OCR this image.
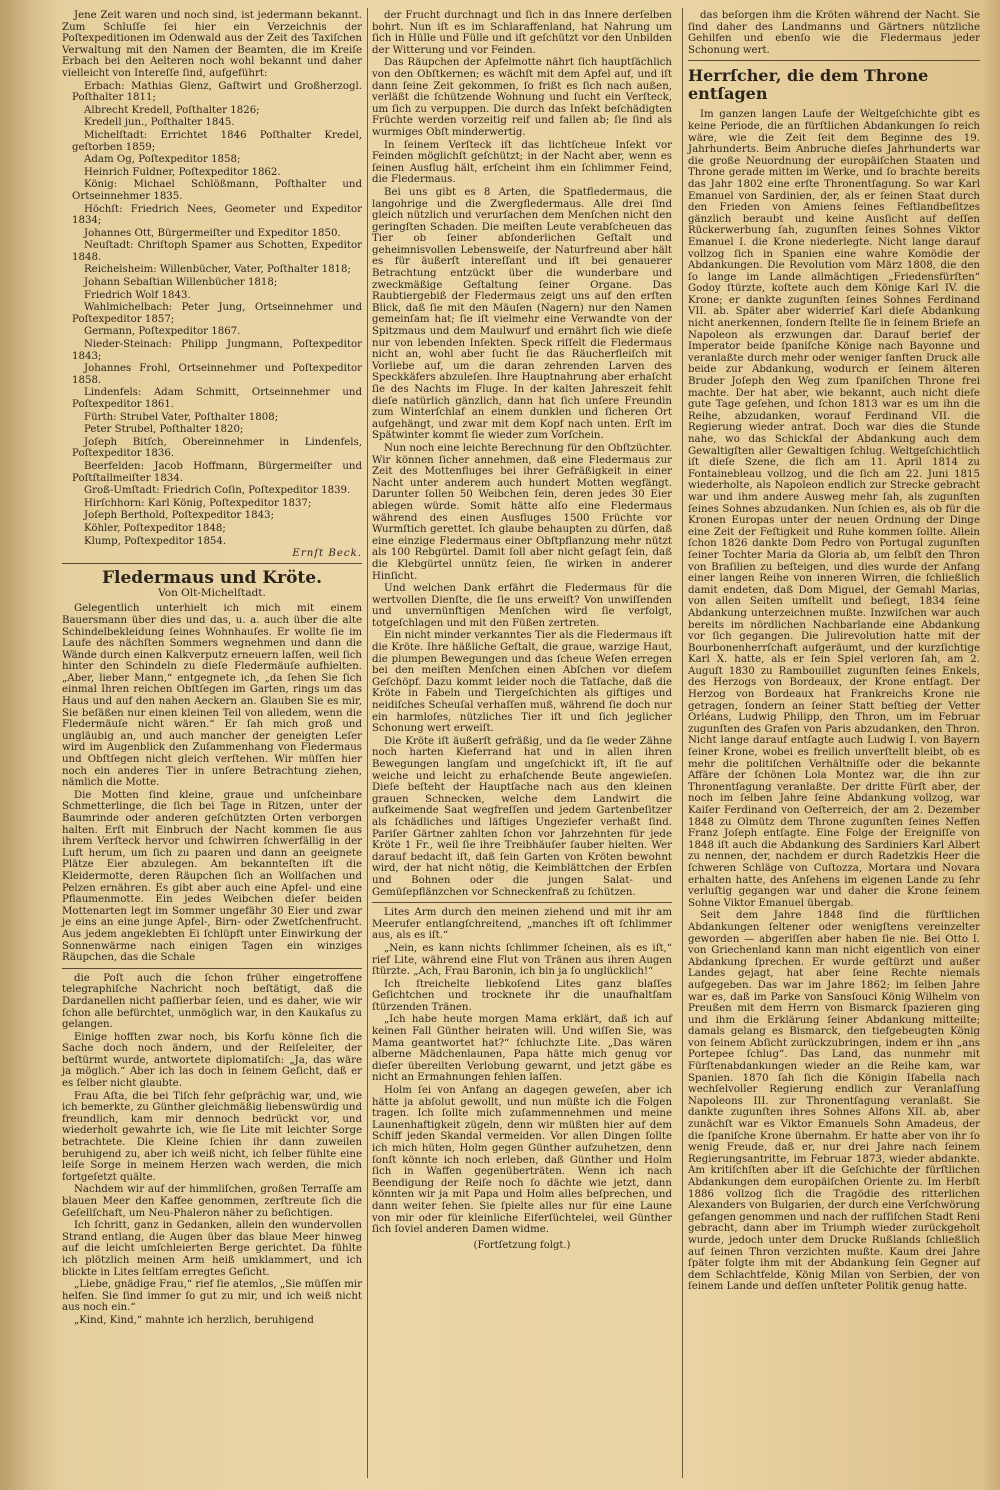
Jene Zeit waren und noch sind, ist jedermann bekannt. Zum Schluſſe ſei hier ein Verzeichnis der Poſtexpeditionen im Odenwald aus der Zeit des Taxiſchen Verwaltung mit den Namen der Beamten, die im Kreiſe Erbach bei den Aelteren noch wohl bekannt und daher vielleicht von Intereſſe ſind, aufgeführt:

Erbach: Mathias Glenz, Gaſtwirt und Großherzogl. Poſthalter 1811;

Albrecht Kredell, Poſthalter 1826;

Kredell jun., Poſthalter 1845.

Michelſtadt: Errichtet 1846 Poſthalter Kredel, geſtorben 1859;

Adam Og, Poſtexpeditor 1858;

Heinrich Fuldner, Poſtexpeditor 1862.

König: Michael Schlößmann, Poſthalter und Ortseinnehmer 1835.

Höchſt: Friedrich Nees, Geometer und Expeditor 1834;

Johannes Ott, Bürgermeiſter und Expeditor 1850.

Neuſtadt: Chriſtoph Spamer aus Schotten, Expeditor 1848.

Reichelsheim: Willenbücher, Vater, Poſthalter 1818;

Johann Sebaſtian Willenbücher 1818;

Friedrich Wolf 1843.

Wahlmichelbach: Peter Jung, Ortseinnehmer und Poſtexpeditor 1857;

Germann, Poſtexpeditor 1867.

Nieder-Steinach: Philipp Jungmann, Poſtexpeditor 1843;

Johannes Frohl, Ortseinnehmer und Poſtexpeditor 1858.

Lindenfels: Adam Schmitt, Ortseinnehmer und Poſtexpeditor 1861.

Fürth: Strubel Vater, Poſthalter 1808;

Peter Strubel, Poſthalter 1820;

Joſeph Bitſch, Obereinnehmer in Lindenfels, Poſtexpeditor 1836.

Beerfelden: Jacob Hoffmann, Bürgermeiſter und Poſtſtallmeiſter 1834.

Groß-Umſtadt: Friedrich Coſin, Poſtexpeditor 1839.

Hirſchhorn: Karl König, Poſtexpeditor 1837;

Joſeph Berthold, Poſtexpeditor 1843;

Köhler, Poſtexpeditor 1848;

Klump, Poſtexpeditor 1854.

Ernſt Beck.

Fledermaus und Kröte.
Von Olt-Michelſtadt.

Gelegentlich unterhielt ich mich mit einem Bauersmann über dies und das, u. a. auch über die alte Schindelbekleidung ſeines Wohnhauſes. Er wollte ſie im Laufe des nächſten Sommers wegnehmen und dann die Wände durch einen Kalkverputz erneuern laſſen, weil ſich hinter den Schindeln zu dieſe Fledermäuſe aufhielten. „Aber, lieber Mann,“ entgegnete ich, „da ſehen Sie ſich einmal Ihren reichen Obſtſegen im Garten, rings um das Haus und auf den nahen Aeckern an. Glauben Sie es mir, Sie beſäßen nur einen kleinen Teil von alledem, wenn die Fledermäuſe nicht wären.“ Er ſah mich groß und ungläubig an, und auch mancher der geneigten Leſer wird im Augenblick den Zuſammenhang von Fledermaus und Obſtſegen nicht gleich verſtehen. Wir müſſen hier noch ein anderes Tier in unſere Betrachtung ziehen, nämlich die Motte.

Die Motten ſind kleine, graue und unſcheinbare Schmetterlinge, die ſich bei Tage in Ritzen, unter der Baumrinde oder anderen geſchützten Orten verborgen halten. Erſt mit Einbruch der Nacht kommen ſie aus ihrem Verſteck hervor und ſchwirren ſchwerfällig in der Luft herum, um ſich zu paaren und dann an geeignete Plätze Eier abzulegen. Am bekannteſten iſt die Kleidermotte, deren Räupchen ſich an Wollſachen und Pelzen ernähren. Es gibt aber auch eine Apfel- und eine Pflaumenmotte. Ein jedes Weibchen dieſer beiden Mottenarten legt im Sommer ungefähr 30 Eier und zwar je eins an eine junge Apfel-, Birn- oder Zwetſchenfrucht. Aus jedem angeklebten Ei ſchlüpft unter Einwirkung der Sonnenwärme nach einigen Tagen ein winziges Räupchen, das die Schale

die Poſt auch die ſchon früher eingetroffene telegraphiſche Nachricht noch beſtätigt, daß die Dardanellen nicht paſſierbar ſeien, und es daher, wie wir ſchon alle befürchtet, unmöglich war, in den Kaukaſus zu gelangen.

Einige hofften zwar noch, bis Korfu könne ſich die Sache doch noch ändern, und der Reiſeleiter, der beſtürmt wurde, antwortete diplomatiſch: „Ja, das wäre ja möglich.“ Aber ich las doch in ſeinem Geſicht, daß er es ſelber nicht glaubte.

Frau Aſta, die bei Tiſch ſehr geſprächig war, und, wie ich bemerkte, zu Günther gleichmäßig liebenswürdig und freundlich, kam mir dennoch bedrückt vor, und wiederholt gewahrte ich, wie ſie Lite mit leichter Sorge betrachtete. Die Kleine ſchien ihr dann zuweilen beruhigend zu, aber ich weiß nicht, ich ſelber fühlte eine leiſe Sorge in meinem Herzen wach werden, die mich fortgeſetzt quälte.

Nachdem wir auf der himmliſchen, großen Terraſſe am blauen Meer den Kaffee genommen, zerſtreute ſich die Geſellſchaft, um Neu-Phaleron näher zu beſichtigen.

Ich ſchritt, ganz in Gedanken, allein den wundervollen Strand entlang, die Augen über das blaue Meer hinweg auf die leicht umſchleierten Berge gerichtet. Da fühlte ich plötzlich meinen Arm heiß umklammert, und ich blickte in Lites ſeltſam erregtes Geſicht.

„Liebe, gnädige Frau,“ rief ſie atemlos, „Sie müſſen mir helfen. Sie ſind immer ſo gut zu mir, und ich weiß nicht aus noch ein.“

„Kind, Kind,“ mahnte ich herzlich, beruhigend

der Frucht durchnagt und ſich in das Innere derſelben bohrt. Nun iſt es im Schlaraffenland, hat Nahrung um ſich in Hülle und Fülle und iſt geſchützt vor den Unbilden der Witterung und vor Feinden.

Das Räupchen der Apfelmotte nährt ſich hauptſächlich von den Obſtkernen; es wächſt mit dem Apfel auf, und iſt dann ſeine Zeit gekommen, ſo frißt es ſich nach außen, verläßt die ſchützende Wohnung und ſucht ein Verſteck, um ſich zu verpuppen. Die durch das Inſekt beſchädigten Früchte werden vorzeitig reif und fallen ab; ſie ſind als wurmiges Obſt minderwertig.

In ſeinem Verſteck iſt das lichtſcheue Inſekt vor Feinden möglichſt geſchützt; in der Nacht aber, wenn es ſeinen Ausflug hält, erſcheint ihm ein ſchlimmer Feind, die Fledermaus.

Bei uns gibt es 8 Arten, die Spatfledermaus, die langohrige und die Zwergfledermaus. Alle drei ſind gleich nützlich und verurſachen dem Menſchen nicht den geringſten Schaden. Die meiſten Leute verabſcheuen das Tier ob ſeiner abſonderlichen Geſtalt und geheimnisvollen Lebensweiſe, der Naturfreund aber hält es für äußerſt intereſſant und iſt bei genauerer Betrachtung entzückt über die wunderbare und zweckmäßige Geſtaltung ſeiner Organe. Das Raubtiergebiß der Fledermaus zeigt uns auf den erſten Blick, daß ſie mit den Mäuſen (Nagern) nur den Namen gemeinſam hat; ſie iſt vielmehr eine Verwandte von der Spitzmaus und dem Maulwurf und ernährt ſich wie dieſe nur von lebenden Inſekten. Speck riſſelt die Fledermaus nicht an, wohl aber ſucht ſie das Räucherfleiſch mit Vorliebe auf, um die daran zehrenden Larven des Speckkäfers abzuleſen. Ihre Hauptnahrung aber erhaſcht ſie des Nachts im Fluge. In der kalten Jahreszeit fehlt dieſe natürlich gänzlich, dann hat ſich unſere Freundin zum Winterſchlaf an einem dunklen und ſicheren Ort aufgehängt, und zwar mit dem Kopf nach unten. Erſt im Spätwinter kommt ſie wieder zum Vorſchein.

Nun noch eine leichte Berechnung für den Obſtzüchter. Wir können ſicher annehmen, daß eine Fledermaus zur Zeit des Mottenfluges bei ihrer Gefräßigkeit in einer Nacht unter anderem auch hundert Motten wegfängt. Darunter ſollen 50 Weibchen ſein, deren jedes 30 Eier ablegen würde. Somit hätte alſo eine Fledermaus während des einen Ausfluges 1500 Früchte vor Wurmſtich gerettet. Ich glaube behaupten zu dürfen, daß eine einzige Fledermaus einer Obſtpflanzung mehr nützt als 100 Rebgürtel. Damit ſoll aber nicht geſagt ſein, daß die Klebgürtel unnütz ſeien, ſie wirken in anderer Hinſicht.

Und welchen Dank erfährt die Fledermaus für die wertvollen Dienſte, die ſie uns erweiſt? Von unwiſſenden und unvernünftigen Menſchen wird ſie verfolgt, totgeſchlagen und mit den Füßen zertreten.

Ein nicht minder verkanntes Tier als die Fledermaus iſt die Kröte. Ihre häßliche Geſtalt, die graue, warzige Haut, die plumpen Bewegungen und das ſcheue Weſen erregen bei den meiſten Menſchen einen Abſchen vor dieſem Geſchöpf. Dazu kommt leider noch die Tatſache, daß die Kröte in Fabeln und Tiergeſchichten als giftiges und neidiſches Scheuſal verhaſſen muß, während ſie doch nur ein harmloſes, nützliches Tier iſt und ſich jeglicher Schonung wert erweiſt.

Die Kröte iſt äußerſt gefräßig, und da ſie weder Zähne noch harten Kieferrand hat und in allen ihren Bewegungen langſam und ungeſchickt iſt, iſt ſie auf weiche und leicht zu erhaſchende Beute angewieſen. Dieſe beſteht der Hauptſache nach aus den kleinen grauen Schnecken, welche dem Landwirt die aufkeimende Saat wegfreſſen und jedem Gartenbeſitzer als ſchädliches und läſtiges Ungeziefer verhaßt ſind. Pariſer Gärtner zahlten ſchon vor Jahrzehnten für jede Kröte 1 Fr., weil ſie ihre Treibhäuſer ſauber hielten. Wer darauf bedacht iſt, daß ſein Garten von Kröten bewohnt wird, der hat nicht nötig, die Keimblättchen der Erbſen und Bohnen oder die jungen Salat- und Gemüſepflänzchen vor Schneckenfraß zu ſchützen.

Lites Arm durch den meinen ziehend und mit ihr am Meerufer entlangſchreitend, „manches iſt oft ſchlimmer aus, als es iſt.“

„Nein, es kann nichts ſchlimmer ſcheinen, als es iſt,“ rief Lite, während eine Flut von Tränen aus ihren Augen ſtürzte. „Ach, Frau Baronin, ich bin ja ſo unglücklich!“

Ich ſtreichelte liebkoſend Lites ganz blaſſes Geſichtchen und trocknete ihr die unaufhaltſam ſtürzenden Tränen.

„Ich habe heute morgen Mama erklärt, daß ich auf keinen Fall Günther heiraten will. Und wiſſen Sie, was Mama geantwortet hat?“ ſchluchzte Lite. „Das wären alberne Mädchenlaunen, Papa hätte mich genug vor dieſer übereilten Verlobung gewarnt, und jetzt gäbe es nicht an Ermahnungen fehlen laſſen.

Holm ſei von Anfang an dagegen geweſen, aber ich hätte ja abſolut gewollt, und nun müßte ich die Folgen tragen. Ich ſollte mich zuſammennehmen und meine Launenhaftigkeit zügeln, denn wir müßten hier auf dem Schiff jeden Skandal vermeiden. Vor allen Dingen ſollte ich mich hüten, Holm gegen Günther aufzuhetzen, denn ſonſt könnte ich noch erleben, daß Günther und Holm ſich in Waffen gegenüberträten. Wenn ich nach Beendigung der Reiſe noch ſo dächte wie jetzt, dann könnten wir ja mit Papa und Holm alles beſprechen, und dann weiter ſehen. Sie ſpielte alles nur für eine Laune von mir oder für kleinliche Eiferſüchtelei, weil Günther ſich ſoviel anderen Damen widme.

(Fortſetzung folgt.)

das beſorgen ihm die Kröten während der Nacht. Sie ſind daher des Landmanns und Gärtners nützliche Gehilfen und ebenſo wie die Fledermaus jeder Schonung wert.

Herrſcher, die dem Throne entſagen

Im ganzen langen Laufe der Weltgeſchichte gibt es keine Periode, die an fürſtlichen Abdankungen ſo reich wäre, wie die Zeit ſeit dem Beginne des 19. Jahrhunderts. Beim Anbruche dieſes Jahrhunderts war die große Neuordnung der europäiſchen Staaten und Throne gerade mitten im Werke, und ſo brachte bereits das Jahr 1802 eine erſte Thronentſagung. So war Karl Emanuel von Sardinien, der, als er ſeinen Staat durch den Frieden von Amiens ſeines Feſtlandbeſitzes gänzlich beraubt und keine Ausſicht auf deſſen Rückerwerbung ſah, zugunſten ſeines Sohnes Viktor Emanuel I. die Krone niederlegte. Nicht lange darauf vollzog ſich in Spanien eine wahre Komödie der Abdankungen. Die Revolution vom März 1808, die den ſo lange im Lande allmächtigen „Friedensfürſten“ Godoy ſtürzte, koſtete auch dem Könige Karl IV. die Krone; er dankte zugunſten ſeines Sohnes Ferdinand VII. ab. Später aber widerrief Karl dieſe Abdankung nicht anerkennen, ſondern ſtellte ſie in ſeinem Briefe an Napoleon als erzwungen dar. Darauf berief der Imperator beide ſpaniſche Könige nach Bayonne und veranlaßte durch mehr oder weniger ſanften Druck alle beide zur Abdankung, wodurch er ſeinem älteren Bruder Joſeph den Weg zum ſpaniſchen Throne frei machte. Der hat aber, wie bekannt, auch nicht dieſe gute Tage geſehen, und ſchon 1813 war es um ihn die Reihe, abzudanken, worauf Ferdinand VII. die Regierung wieder antrat. Doch war dies die Stunde nahe, wo das Schickſal der Abdankung auch dem Gewaltigſten aller Gewaltigen ſchlug. Weltgeſchichtlich iſt dieſe Szene, die ſich am 11. April 1814 zu Fontainebleau vollzog, und die ſich am 22. Juni 1815 wiederholte, als Napoleon endlich zur Strecke gebracht war und ihm andere Ausweg mehr ſah, als zugunſten ſeines Sohnes abzudanken. Nun ſchien es, als ob für die Kronen Europas unter der neuen Ordnung der Dinge eine Zeit der Feſtigkeit und Ruhe kommen ſollte. Allein ſchon 1826 dankte Dom Pedro von Portugal zugunſten ſeiner Tochter Maria da Gloria ab, um ſelbſt den Thron von Braſilien zu beſteigen, und dies wurde der Anfang einer langen Reihe von inneren Wirren, die ſchließlich damit endeten, daß Dom Miguel, der Gemahl Marias, von allen Seiten umſtellt und beſiegt, 1834 ſeine Abdankung unterzeichnen mußte. Inzwiſchen war auch bereits im nördlichen Nachbarlande eine Abdankung vor ſich gegangen. Die Julirevolution hatte mit der Bourbonenherrſchaft aufgeräumt, und der kurzſichtige Karl X. hatte, als er ſein Spiel verloren ſah, am 2. Auguſt 1830 zu Rambouillet zugunſten ſeines Enkels, des Herzogs von Bordeaux, der Krone entſagt. Der Herzog von Bordeaux hat Frankreichs Krone nie getragen, ſondern an ſeiner Statt beſtieg der Vetter Orléans, Ludwig Philipp, den Thron, um im Februar zugunſten des Grafen von Paris abzudanken, den Thron. Nicht lange darauf entſagte auch Ludwig I. von Bayern ſeiner Krone, wobei es freilich unverſtellt bleibt, ob es mehr die politiſchen Verhältniſſe oder die bekannte Affäre der ſchönen Lola Montez war, die ihn zur Thronentſagung veranlaßte. Der dritte Fürſt aber, der noch im ſelben Jahre ſeine Abdankung vollzog, war Kaiſer Ferdinand von Oeſterreich, der am 2. Dezember 1848 zu Olmütz dem Throne zugunſten ſeines Neffen Franz Joſeph entſagte. Eine Folge der Ereigniſſe von 1848 iſt auch die Abdankung des Sardiniers Karl Albert zu nennen, der, nachdem er durch Radetzkis Heer die ſchweren Schläge von Cuſtozza, Mortara und Novara erhalten hatte, des Anſehens im eigenen Lande zu ſehr verluſtig gegangen war und daher die Krone ſeinem Sohne Viktor Emanuel übergab.

Seit dem Jahre 1848 ſind die fürſtlichen Abdankungen ſeltener oder wenigſtens vereinzelter geworden — abgeriſſen aber haben ſie nie. Bei Otto I. von Griechenland kann man nicht eigentlich von einer Abdankung ſprechen. Er wurde geſtürzt und außer Landes gejagt, hat aber ſeine Rechte niemals aufgegeben. Das war im Jahre 1862; im ſelben Jahre war es, daß im Parke von Sansſouci König Wilhelm von Preußen mit dem Herrn von Bismarck ſpazieren ging und ihm die Erklärung ſeiner Abdankung mitteilte; damals gelang es Bismarck, den tiefgebeugten König von ſeinem Abſicht zurückzubringen, indem er ihn „ans Portepee ſchlug“. Das Land, das nunmehr mit Fürſtenabdankungen wieder an die Reihe kam, war Spanien. 1870 ſah ſich die Königin Iſabella nach wechſelvoller Regierung endlich zur Veranlaſſung Napoleons III. zur Thronentſagung veranlaßt. Sie dankte zugunſten ihres Sohnes Alfons XII. ab, aber zunächſt war es Viktor Emanuels Sohn Amadeus, der die ſpaniſche Krone übernahm. Er hatte aber von ihr ſo wenig Freude, daß er, nur drei Jahre nach ſeinem Regierungsantritte, im Februar 1873, wieder abdankte. Am kritiſchſten aber iſt die Geſchichte der fürſtlichen Abdankungen dem europäiſchen Oriente zu. Im Herbſt 1886 vollzog ſich die Tragödie des ritterlichen Alexanders von Bulgarien, der durch eine Verſchwörung gefangen genommen und nach der ruſſiſchen Stadt Reni gebracht, dann aber im Triumph wieder zurückgeholt wurde, jedoch unter dem Drucke Rußlands ſchließlich auf ſeinen Thron verzichten mußte. Kaum drei Jahre ſpäter folgte ihm mit der Abdankung ſein Gegner auf dem Schlachtfelde, König Milan von Serbien, der von ſeinem Lande und deſſen unſteter Politik genug hatte.
